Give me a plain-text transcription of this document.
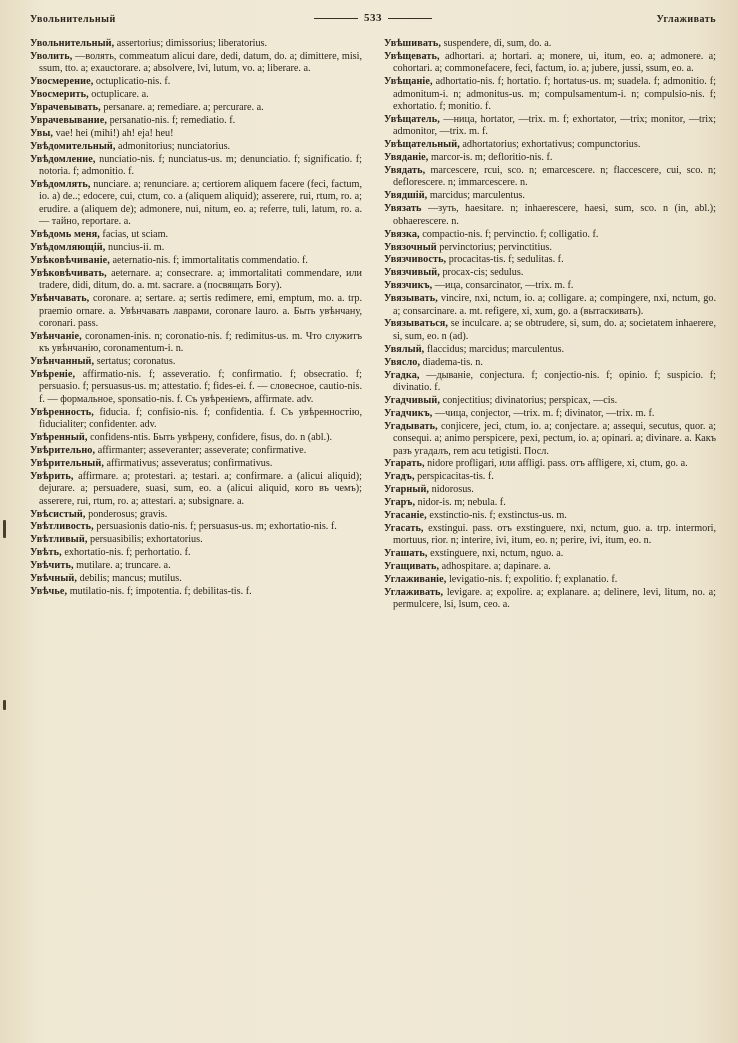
Увольнительный	533	Углаживать

Увольнительный, assertorius; dimissorius; liberatorius.

Уволить, —волять, commeatum alicui dare, dedi, datum, do. a; dimittere, misi, ssum, tto. a; exauctorare. a; absolvere, lvi, lutum, vo. a; liberare. a.

Увосмерение, octuplicatio-nis. f.

Увосмерить, octuplicare. a.

Уврачевывать, persanare. a; remediare. a; percurare. a.

Уврачевывание, persanatio-nis. f; remediatio. f.

Увы, vae! hei (mihi!) ah! eja! heu!

Увѣдомительный, admonitorius; nunciatorius.

Увѣдомление, nunciatio-nis. f; nunciatus-us. m; denunciatio. f; significatio. f; notoria. f; admonitio. f.

Увѣдомлять, nunciare. a; renunciare. a; certiorem aliquem facere (feci, factum, io. a) de..; edocere, cui, ctum, co. a (aliquem aliquid); asserere, rui, rtum, ro. a; erudire. a (aliquem de); admonere, nui, nitum, eo. a; referre, tuli, latum, ro. a. — тайно, reportare. a.

Увѣдомь меня, facias, ut sciam.

Увѣдомляющій, nuncius-ii. m.

Увѣковѣчиваніе, aeternatio-nis. f; immortalitatis commendatio. f.

Увѣковѣчивать, aeternare. a; consecrare. a; immortalitati commendare, или tradere, didi, ditum, do. a. mt. sacrare. a (посвящать Богу).

Увѣнчавать, coronare. a; sertare. a; sertis redimere, emi, emptum, mo. a. trp. praemio ornare. a. Увѣнчавать лаврами, coronare lauro. a. Быть увѣнчану, coronari. pass.

Увѣнчаніе, coronamen-inis. n; coronatio-nis. f; redimitus-us. m. Что служитъ къ увѣнчанію, coronamentum-i. n.

Увѣнчанный, sertatus; coronatus.

Увѣреніе, affirmatio-nis. f; asseveratio. f; confirmatio. f; obsecratio. f; persuasio. f; persuasus-us. m; attestatio. f; fides-ei. f. — словесное, cautio-nis. f. — формальное, sponsatio-nis. f. Съ увѣреніемъ, affirmate. adv.

Увѣренность, fiducia. f; confisio-nis. f; confidentia. f. Съ увѣренностію, fiducialiter; confidenter. adv.

Увѣренный, confidens-ntis. Быть увѣрену, confidere, fisus, do. n (abl.).

Увѣрительно, affirmanter; asseveranter; asseverate; confirmative.

Увѣрительный, affirmativus; asseveratus; confirmativus.

Увѣрить, affirmare. a; protestari. a; testari. a; confirmare. a (alicui aliquid); dejurare. a; persuadere, suasi, sum, eo. a (alicui aliquid, кого въ чемъ); asserere, rui, rtum, ro. a; attestari. a; subsignare. a.

Увѣсистый, ponderosus; gravis.

Увѣтливость, persuasionis datio-nis. f; persuasus-us. m; exhortatio-nis. f.

Увѣтливый, persuasibilis; exhortatorius.

Увѣть, exhortatio-nis. f; perhortatio. f.

Увѣчить, mutilare. a; truncare. a.

Увѣчный, debilis; mancus; mutilus.

Увѣчье, mutilatio-nis. f; impotentia. f; debilitas-tis. f.

Увѣшивать, suspendere, di, sum, do. a.

Увѣщевать, adhortari. a; hortari. a; monere, ui, itum, eo. a; admonere. a; cohortari. a; commonefacere, feci, factum, io. a; jubere, jussi, ssum, eo. a.

Увѣщаніе, adhortatio-nis. f; hortatio. f; hortatus-us. m; suadela. f; admonitio. f; admonitum-i. n; admonitus-us. m; compulsamentum-i. n; compulsio-nis. f; exhortatio. f; monitio. f.

Увѣщатель, —ница, hortator, —trix. m. f; exhortator, —trix; monitor, —trix; admonitor, —trix. m. f.

Увѣщательный, adhortatorius; exhortativus; compunctorius.

Увяданіе, marcor-is. m; defloritio-nis. f.

Увядать, marcescere, rcui, sco. n; emarcescere. n; flaccescere, cui, sco. n; deflorescere. n; immarcescere. n.

Увядшій, marcidus; marculentus.

Увязать —зуть, haesitare. n; inhaerescere, haesi, sum, sco. n (in, abl.); obhaerescere. n.

Увязка, compactio-nis. f; pervinctio. f; colligatio. f.

Увязочный pervinctorius; pervinctitius.

Увязчивость, procacitas-tis. f; sedulitas. f.

Увязчивый, procax-cis; sedulus.

Увязчикъ, —ица, consarcinator, —trix. m. f.

Увязывать, vincire, nxi, nctum, io. a; colligare. a; compingere, nxi, nctum, go. a; consarcinare. a. mt. refigere, xi, xum, go. a (вытаскивать).

Увязываться, se inculcare. a; se obtrudere, si, sum, do. a; societatem inhaerere, si, sum, eo. n (ad).

Увялый, flaccidus; marcidus; marculentus.

Увясло, diadema-tis. n.

Угадка, —дываніе, conjectura. f; conjectio-nis. f; opinio. f; suspicio. f; divinatio. f.

Угадчивый, conjectitius; divinatorius; perspicax, —cis.

Угадчикъ, —чица, conjector, —trix. m. f; divinator, —trix. m. f.

Угадывать, conjicere, jeci, ctum, io. a; conjectare. a; assequi, secutus, quor. a; consequi. a; animo perspicere, pexi, pectum, io. a; opinari. a; divinare. a. Какъ разъ угадалъ, rem acu tetigisti. Посл.

Угарать, nidore profligari, или affligi. pass. отъ affligere, xi, ctum, go. a.

Угадъ, perspicacitas-tis. f.

Угарный, nidorosus.

Угаръ, nidor-is. m; nebula. f.

Угасаніе, exstinctio-nis. f; exstinctus-us. m.

Угасать, exstingui. pass. отъ exstinguere, nxi, nctum, guo. a. trp. intermori, mortuus, rior. n; interire, ivi, itum, eo. n; perire, ivi, itum, eo. n.

Угашать, exstinguere, nxi, nctum, nguo. a.

Угащивать, adhospitare. a; dapinare. a.

Углаживаніе, levigatio-nis. f; expolitio. f; explanatio. f.

Углаживать, levigare. a; expolire. a; explanare. a; delinere, levi, litum, no. a; permulcere, lsi, lsum, ceo. a.
